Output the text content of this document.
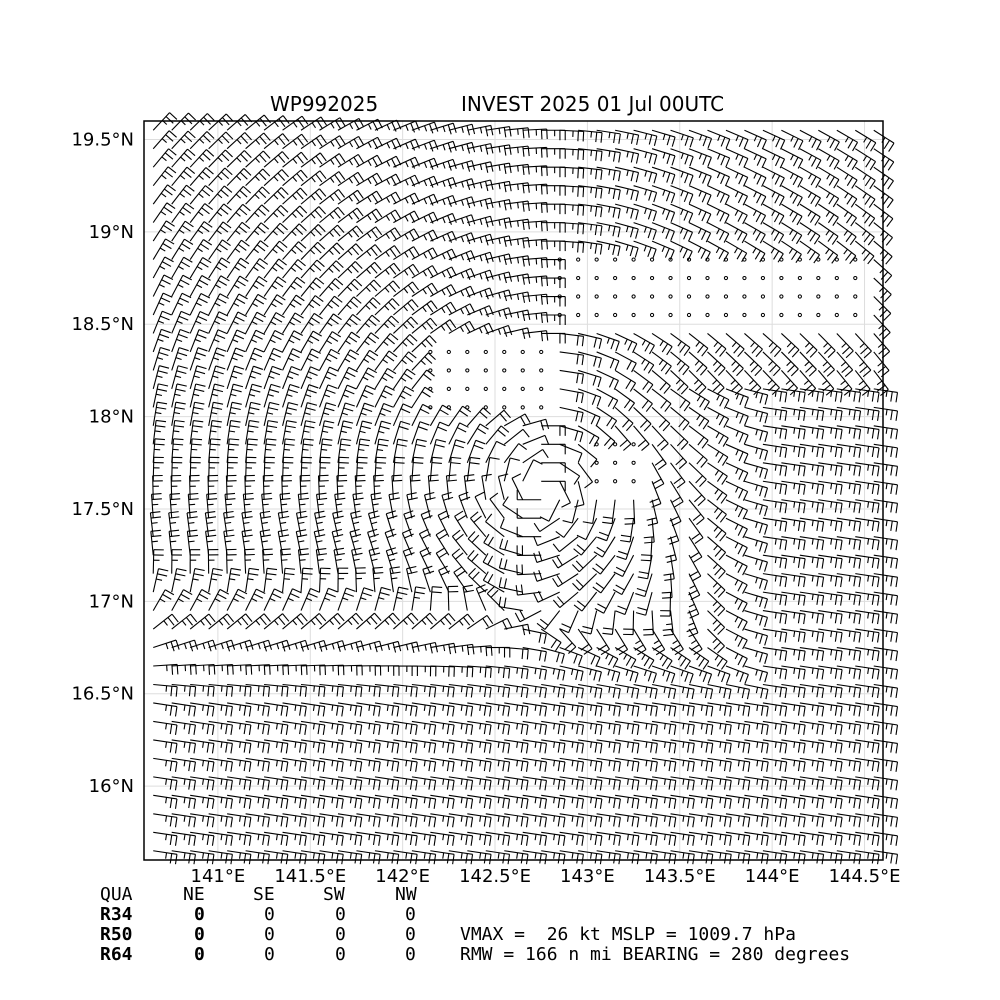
WP992025	INVEST 2025 01 Jul 00UTC
141°E 141.5°E 142°E 142.5°E 143°E 143.5°E 144°E 144.5°E
16°N
16.5°N
17°N
17.5°N
18°N
18.5°N
19°N
19.5°N
QUA	NE	SE	SW	NW
R34	0	0	0	0
R50	0	0	0	0
R64	0	0	0	0
VMAX =  26 kt MSLP = 1009.7 hPa
RMW = 166 n mi BEARING = 280 degrees
